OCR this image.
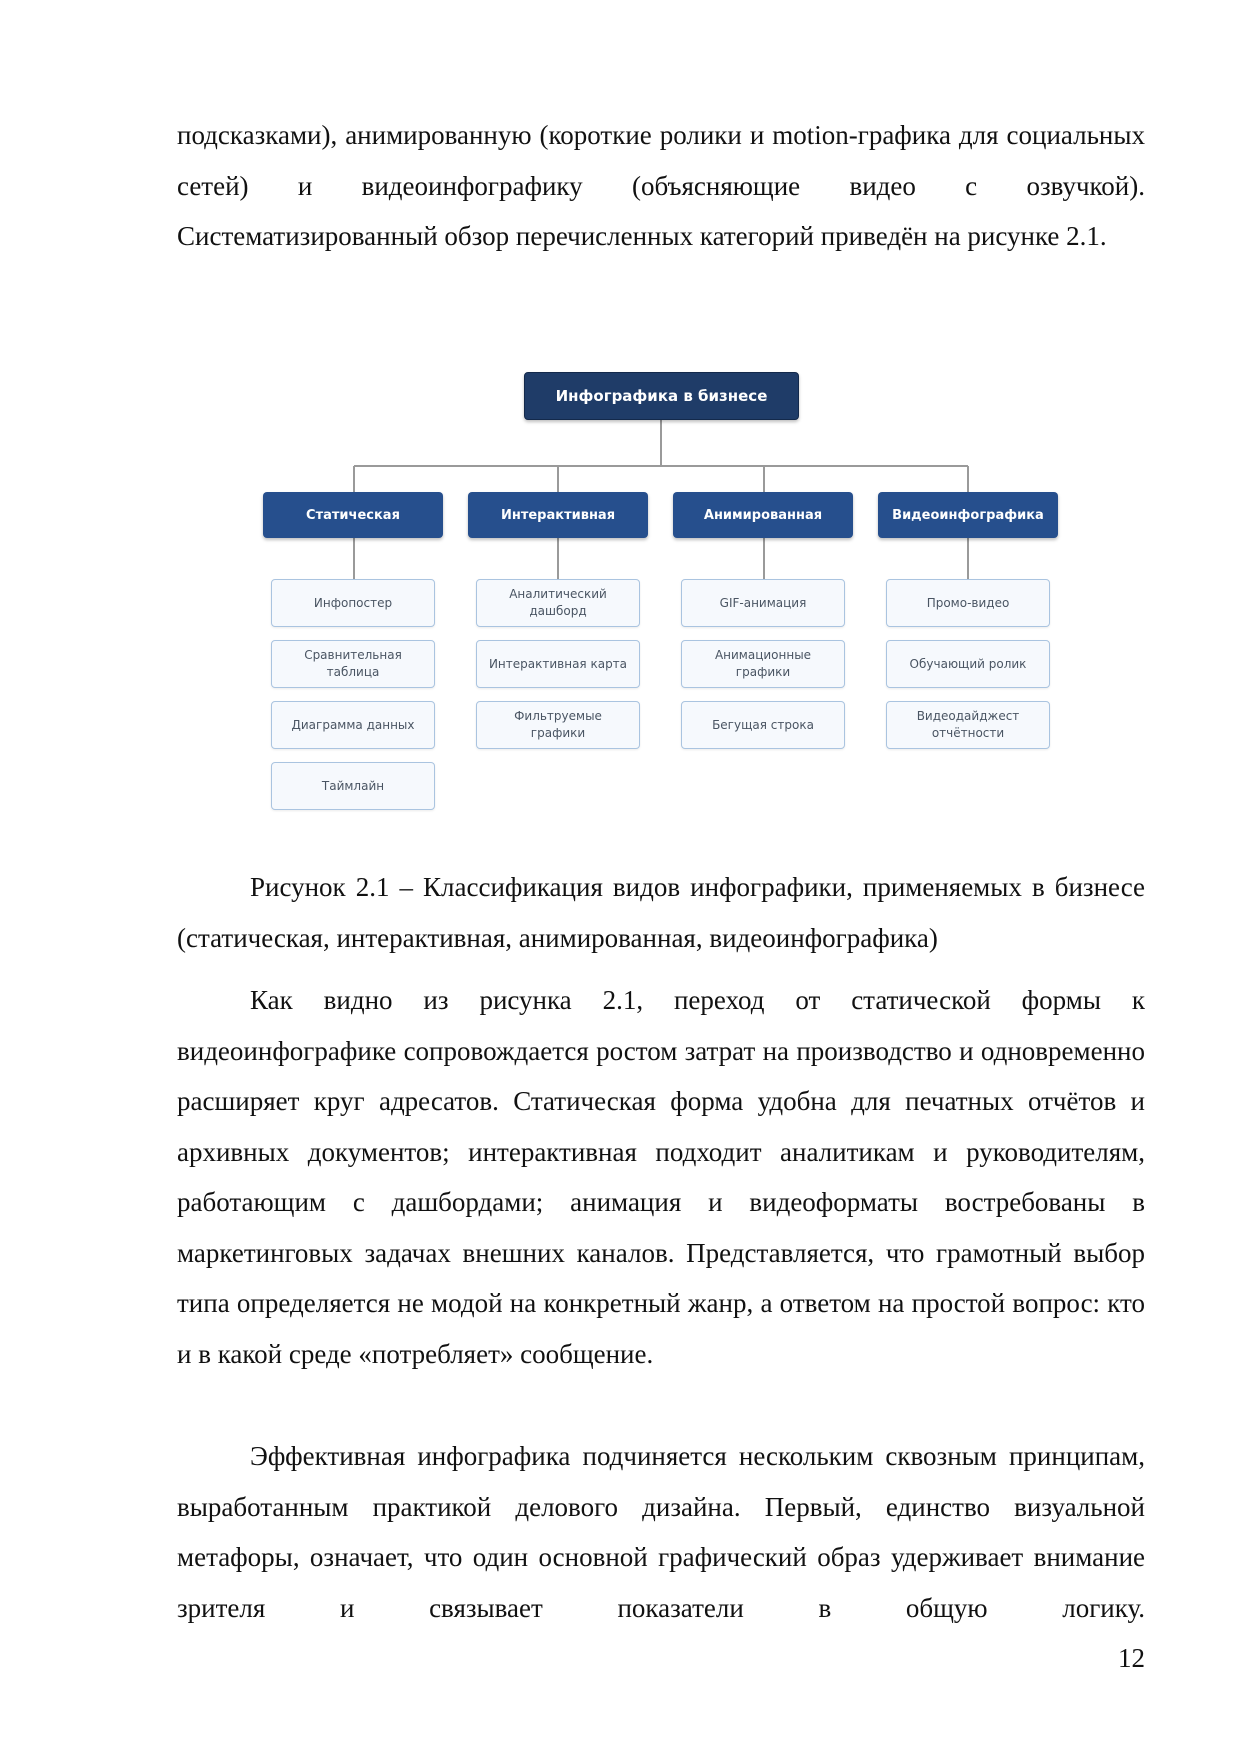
подсказками), анимированную (короткие ролики и motion-графика для социальных сетей) и видеоинфографику (объясняющие видео с озвучкой). Систематизированный обзор перечисленных категорий приведён на рисунке 2.1.

Инфографика в бизнесе
Статическая	Интерактивная	Анимированная	Видеоинфографика
Инфопостер
Сравнительная таблица
Диаграмма данных
Таймлайн
Аналитический дашборд
Интерактивная карта
Фильтруемые графики
GIF-анимация
Анимационные графики
Бегущая строка
Промо-видео
Обучающий ролик
Видеодайджест отчётности

Рисунок 2.1 – Классификация видов инфографики, применяемых в бизнесе (статическая, интерактивная, анимированная, видеоинфографика)

Как видно из рисунка 2.1, переход от статической формы к видеоинфографике сопровождается ростом затрат на производство и одновременно расширяет круг адресатов. Статическая форма удобна для печатных отчётов и архивных документов; интерактивная подходит аналитикам и руководителям, работающим с дашбордами; анимация и видеоформаты востребованы в маркетинговых задачах внешних каналов. Представляется, что грамотный выбор типа определяется не модой на конкретный жанр, а ответом на простой вопрос: кто и в какой среде «потребляет» сообщение.

Эффективная инфографика подчиняется нескольким сквозным принципам, выработанным практикой делового дизайна. Первый, единство визуальной метафоры, означает, что один основной графический образ удерживает внимание зрителя и связывает показатели в общую логику.

12
